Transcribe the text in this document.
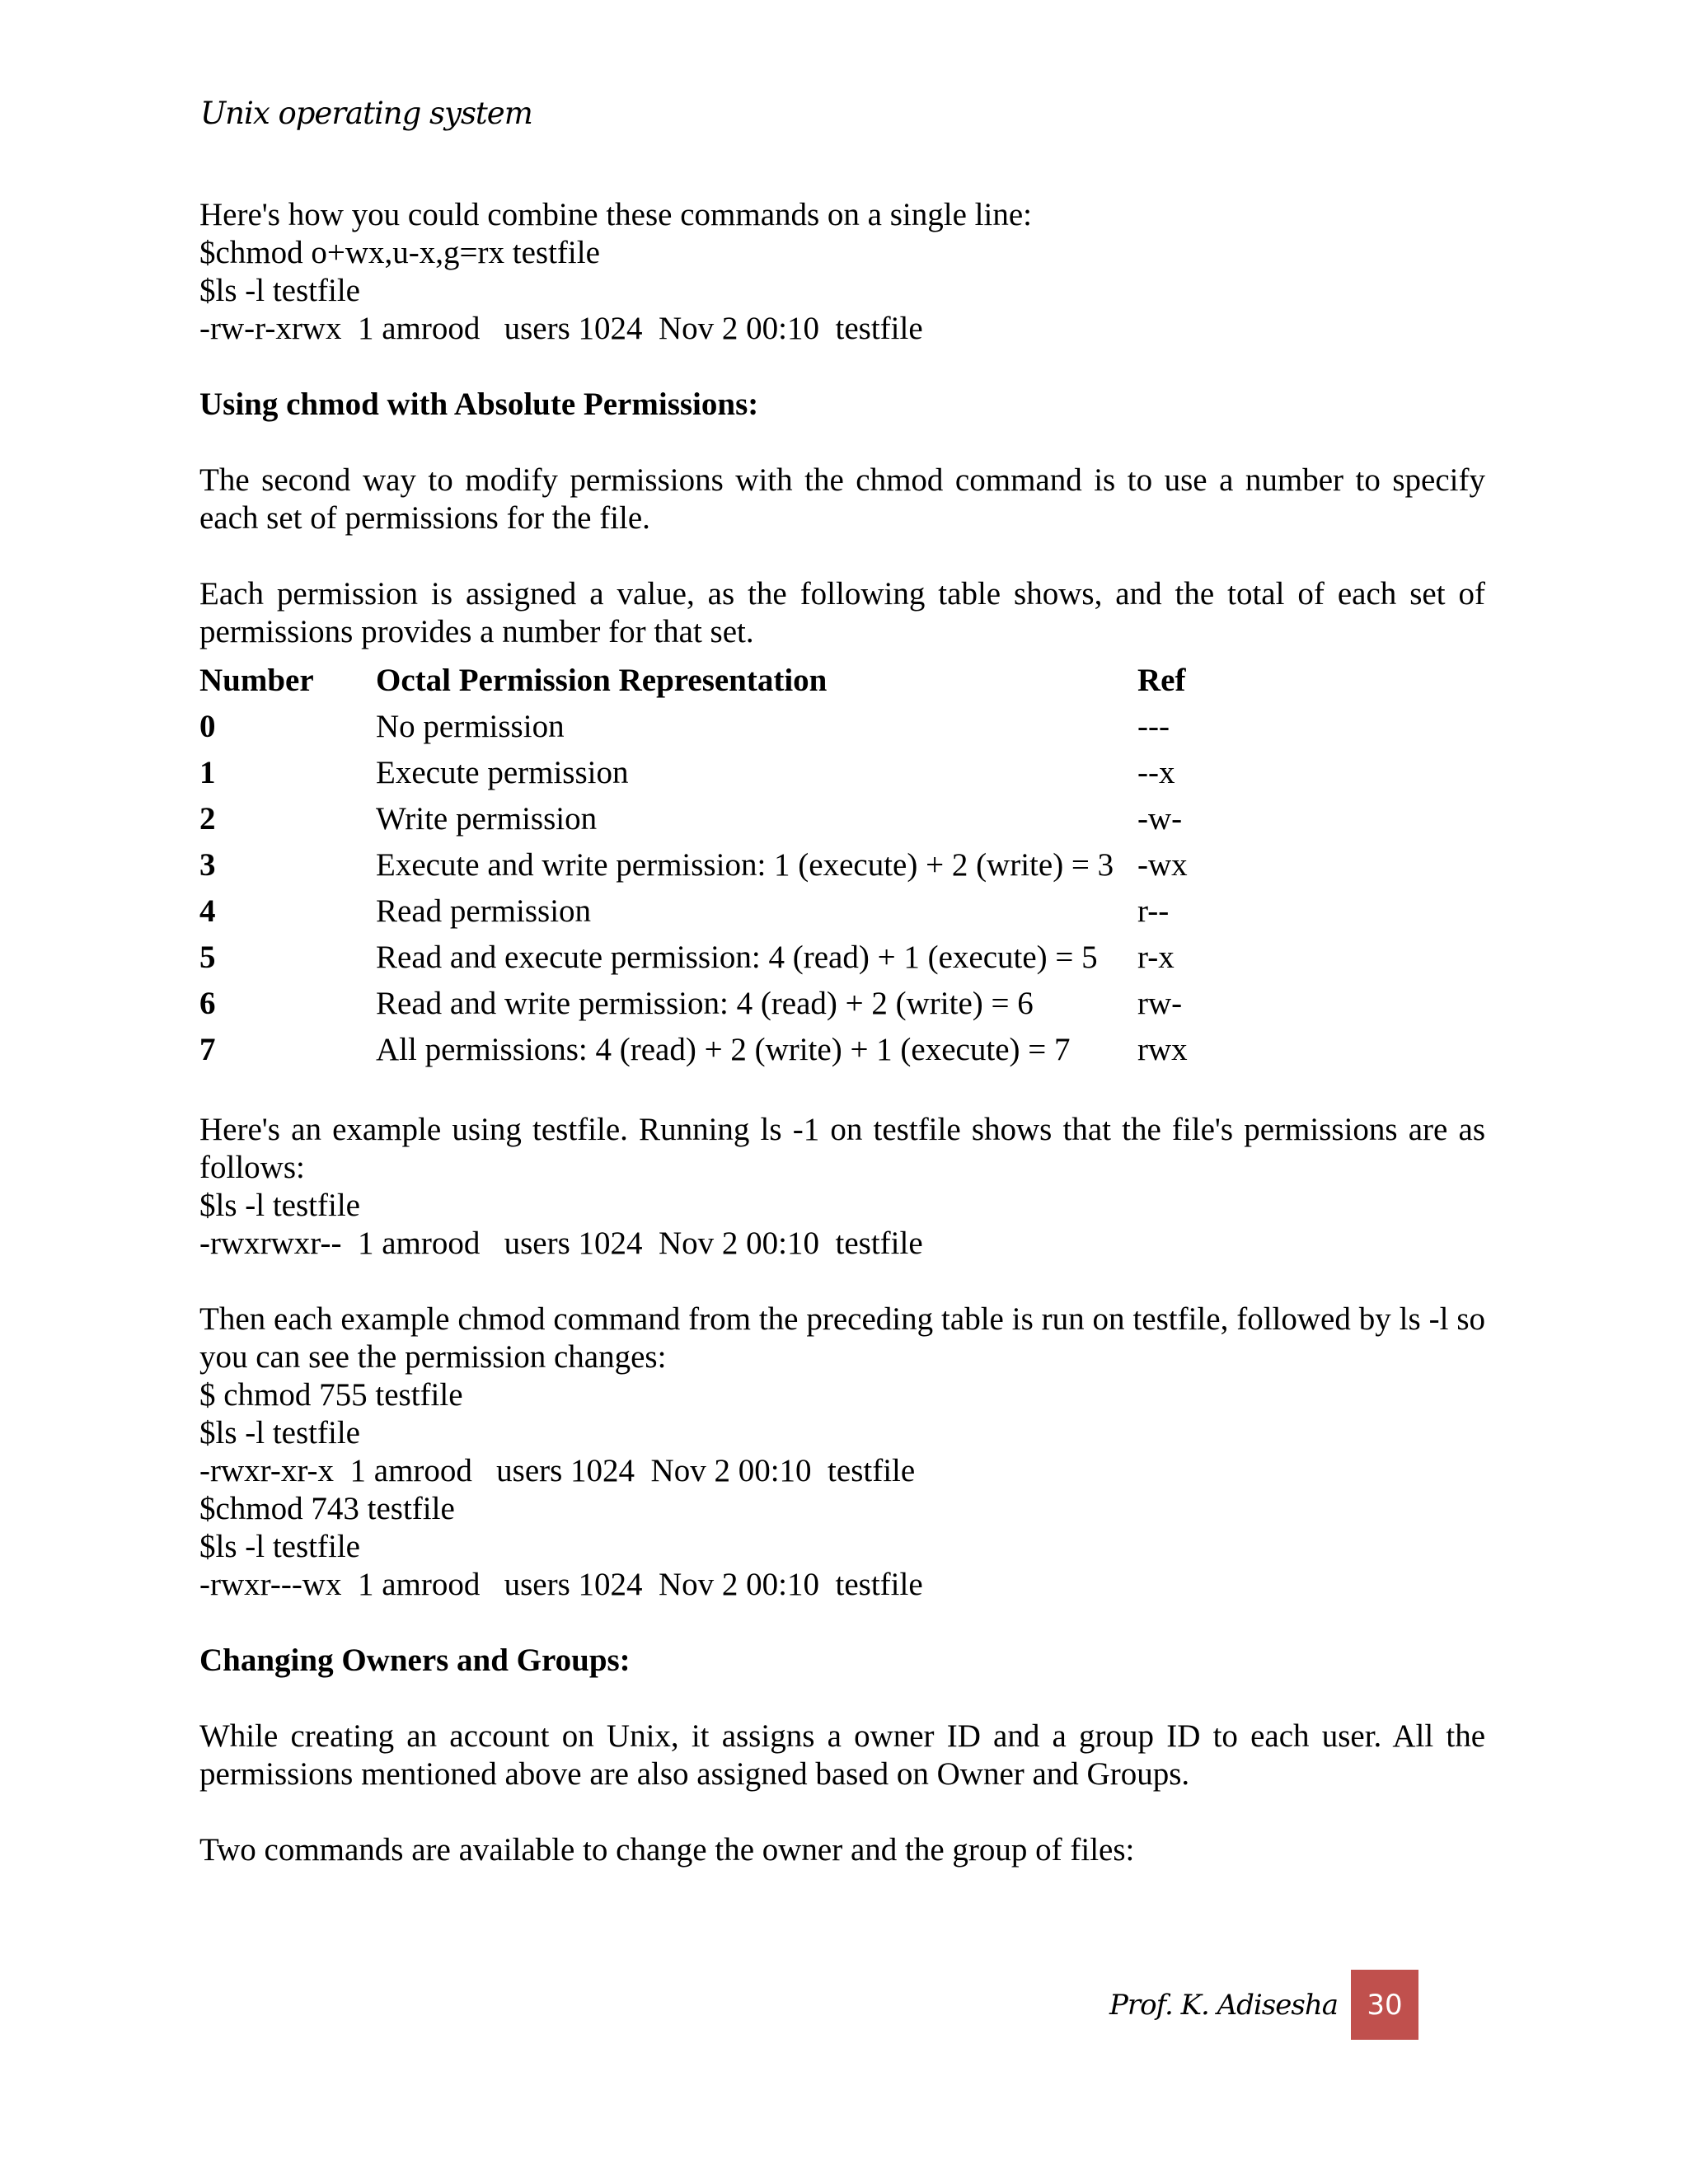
Unix operating system

Here's how you could combine these commands on a single line:

$chmod o+wx,u-x,g=rx testfile

$ls -l testfile

-rw-r-xrwx  1 amrood   users 1024  Nov 2 00:10  testfile

Using chmod with Absolute Permissions:

The second way to modify permissions with the chmod command is to use a number to specify each set of permissions for the file.

Each permission is assigned a value, as the following table shows, and the total of each set of permissions provides a number for that set.

Number	Octal Permission Representation	Ref
0	No permission	---
1	Execute permission	--x
2	Write permission	-w-
3	Execute and write permission: 1 (execute) + 2 (write) = 3	-wx
4	Read permission	r--
5	Read and execute permission: 4 (read) + 1 (execute) = 5	r-x
6	Read and write permission: 4 (read) + 2 (write) = 6	rw-
7	All permissions: 4 (read) + 2 (write) + 1 (execute) = 7	rwx

Here's an example using testfile. Running ls -1 on testfile shows that the file's permissions are as follows:

$ls -l testfile

-rwxrwxr--  1 amrood   users 1024  Nov 2 00:10  testfile

Then each example chmod command from the preceding table is run on testfile, followed by ls -l so you can see the permission changes:

$ chmod 755 testfile

$ls -l testfile

-rwxr-xr-x  1 amrood   users 1024  Nov 2 00:10  testfile

$chmod 743 testfile

$ls -l testfile

-rwxr---wx  1 amrood   users 1024  Nov 2 00:10  testfile

Changing Owners and Groups:

While creating an account on Unix, it assigns a owner ID and a group ID to each user. All the permissions mentioned above are also assigned based on Owner and Groups.

Two commands are available to change the owner and the group of files:

Prof. K. Adisesha	30
